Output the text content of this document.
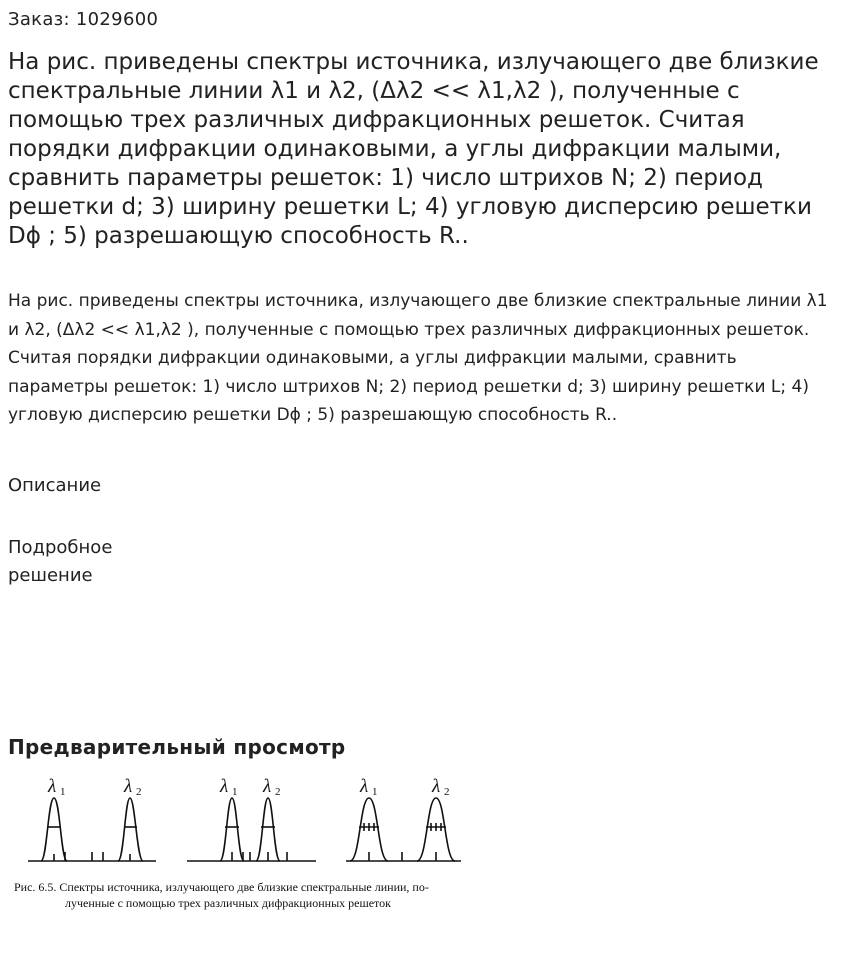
Заказ: 1029600
На рис. приведены спектры источника, излучающего две близкие спектральные линии λ1 и λ2, (Δλ2 << λ1,λ2 ), полученные с помощью трех различных дифракционных решеток. Считая порядки дифракции одинаковыми, а углы дифракции малыми, сравнить параметры решеток: 1) число штрихов N; 2) период решетки d; 3) ширину решетки L; 4) угловую дисперсию решетки Dϕ ; 5) разрешающую способность R..

На рис. приведены спектры источника, излучающего две близкие спектральные линии λ1 и λ2, (Δλ2 << λ1,λ2 ), полученные с помощью трех различных дифракционных решеток. Считая порядки дифракции одинаковыми, а углы дифракции малыми, сравнить параметры решеток: 1) число штрихов N; 2) период решетки d; 3) ширину решетки L; 4) угловую дисперсию решетки Dϕ ; 5) разрешающую способность R..

Описание
Подробное
решение
Предварительный просмотр
λ 1	λ 2	λ 1 λ 2	λ 1	λ 2
Рис. 6.5. Спектры источника, излучающего две близкие спектральные линии, по-
лученные с помощью трех различных дифракционных решеток
